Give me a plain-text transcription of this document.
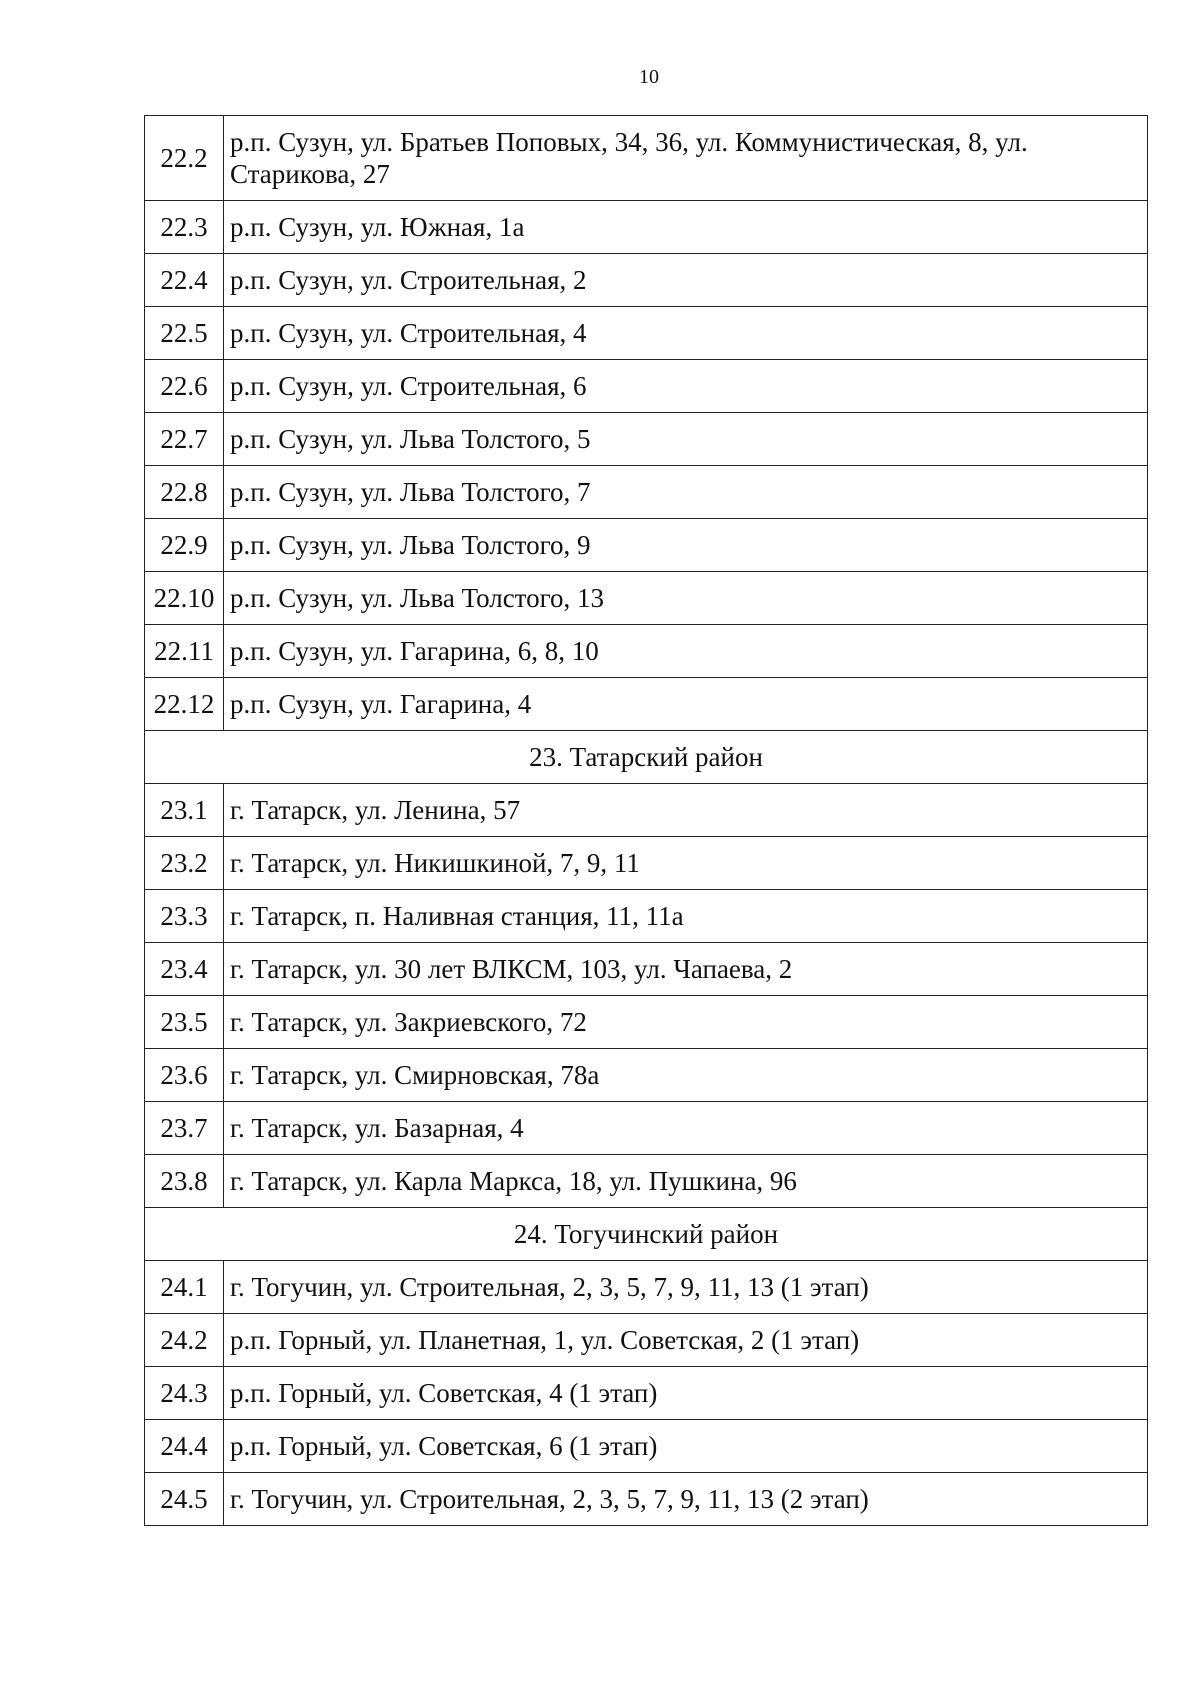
10
22.2	р.п. Сузун, ул. Братьев Поповых, 34, 36, ул. Коммунистическая, 8, ул. Старикова, 27
22.3	р.п. Сузун, ул. Южная, 1а
22.4	р.п. Сузун, ул. Строительная, 2
22.5	р.п. Сузун, ул. Строительная, 4
22.6	р.п. Сузун, ул. Строительная, 6
22.7	р.п. Сузун, ул. Льва Толстого, 5
22.8	р.п. Сузун, ул. Льва Толстого, 7
22.9	р.п. Сузун, ул. Льва Толстого, 9
22.10	р.п. Сузун, ул. Льва Толстого, 13
22.11	р.п. Сузун, ул. Гагарина, 6, 8, 10
22.12	р.п. Сузун, ул. Гагарина, 4
23. Татарский район	
23.1	г. Татарск, ул. Ленина, 57
23.2	г. Татарск, ул. Никишкиной, 7, 9, 11
23.3	г. Татарск, п. Наливная станция, 11, 11а
23.4	г. Татарск, ул. 30 лет ВЛКСМ, 103, ул. Чапаева, 2
23.5	г. Татарск, ул. Закриевского, 72
23.6	г. Татарск, ул. Смирновская, 78а
23.7	г. Татарск, ул. Базарная, 4
23.8	г. Татарск, ул. Карла Маркса, 18, ул. Пушкина, 96
24. Тогучинский район	
24.1	г. Тогучин, ул. Строительная, 2, 3, 5, 7, 9, 11, 13 (1 этап)
24.2	р.п. Горный, ул. Планетная, 1, ул. Советская, 2 (1 этап)
24.3	р.п. Горный, ул. Советская, 4 (1 этап)
24.4	р.п. Горный, ул. Советская, 6 (1 этап)
24.5	г. Тогучин, ул. Строительная, 2, 3, 5, 7, 9, 11, 13 (2 этап)
